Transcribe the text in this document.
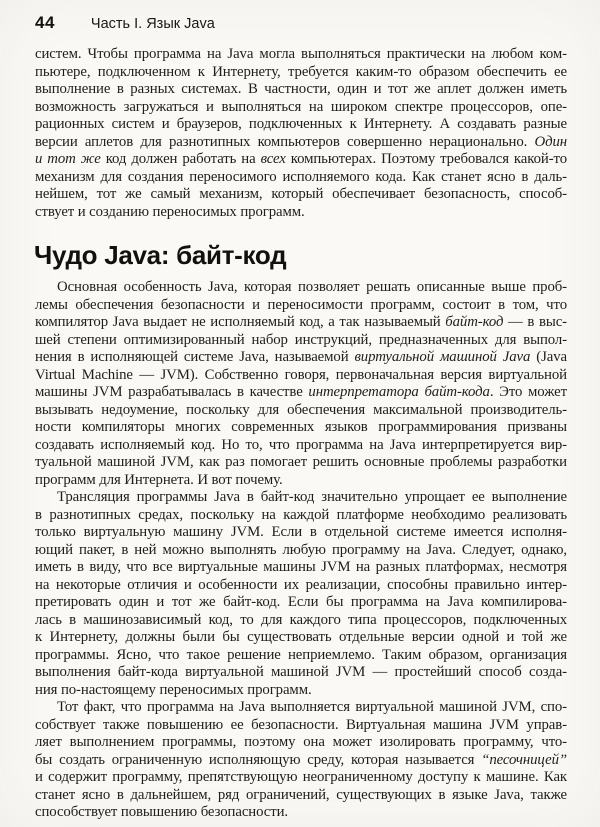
44 Часть I. Язык Java
систем. Чтобы программа на Java могла выполняться практически на любом ком-
пьютере, подключенном к Интернету, требуется каким-то образом обеспечить ее
выполнение в разных системах. В частности, один и тот же аплет должен иметь
возможность загружаться и выполняться на широком спектре процессоров, опе-
рационных систем и браузеров, подключенных к Интернету. А создавать разные
версии аплетов для разнотипных компьютеров совершенно нерационально. Один
и тот же код должен работать на всех компьютерах. Поэтому требовался какой-то
механизм для создания переносимого исполняемого кода. Как станет ясно в даль-
нейшем, тот же самый механизм, который обеспечивает безопасность, способ-
ствует и созданию переносимых программ.
Чудо Java: байт-код
Основная особенность Java, которая позволяет решать описанные выше проб-
лемы обеспечения безопасности и переносимости программ, состоит в том, что
компилятор Java выдает не исполняемый код, а так называемый байт-код — в выс-
шей степени оптимизированный набор инструкций, предназначенных для выпол-
нения в исполняющей системе Java, называемой виртуальной машиной Java (Java
Virtual Machine — JVM). Собственно говоря, первоначальная версия виртуальной
машины JVM разрабатывалась в качестве интерпретатора байт-кода. Это может
вызывать недоумение, поскольку для обеспечения максимальной производитель-
ности компиляторы многих современных языков программирования призваны
создавать исполняемый код. Но то, что программа на Java интерпретируется вир-
туальной машиной JVM, как раз помогает решить основные проблемы разработки
программ для Интернета. И вот почему.
Трансляция программы Java в байт-код значительно упрощает ее выполнение
в разнотипных средах, поскольку на каждой платформе необходимо реализовать
только виртуальную машину JVM. Если в отдельной системе имеется исполня-
ющий пакет, в ней можно выполнять любую программу на Java. Следует, однако,
иметь в виду, что все виртуальные машины JVM на разных платформах, несмотря
на некоторые отличия и особенности их реализации, способны правильно интер-
претировать один и тот же байт-код. Если бы программа на Java компилирова-
лась в машинозависимый код, то для каждого типа процессоров, подключенных
к Интернету, должны были бы существовать отдельные версии одной и той же
программы. Ясно, что такое решение неприемлемо. Таким образом, организация
выполнения байт-кода виртуальной машиной JVM — простейший способ созда-
ния по-настоящему переносимых программ.
Тот факт, что программа на Java выполняется виртуальной машиной JVM, спо-
собствует также повышению ее безопасности. Виртуальная машина JVM управ-
ляет выполнением программы, поэтому она может изолировать программу, что-
бы создать ограниченную исполняющую среду, которая называется “песочницей”
и содержит программу, препятствующую неограниченному доступу к машине. Как
станет ясно в дальнейшем, ряд ограничений, существующих в языке Java, также
способствует повышению безопасности.
